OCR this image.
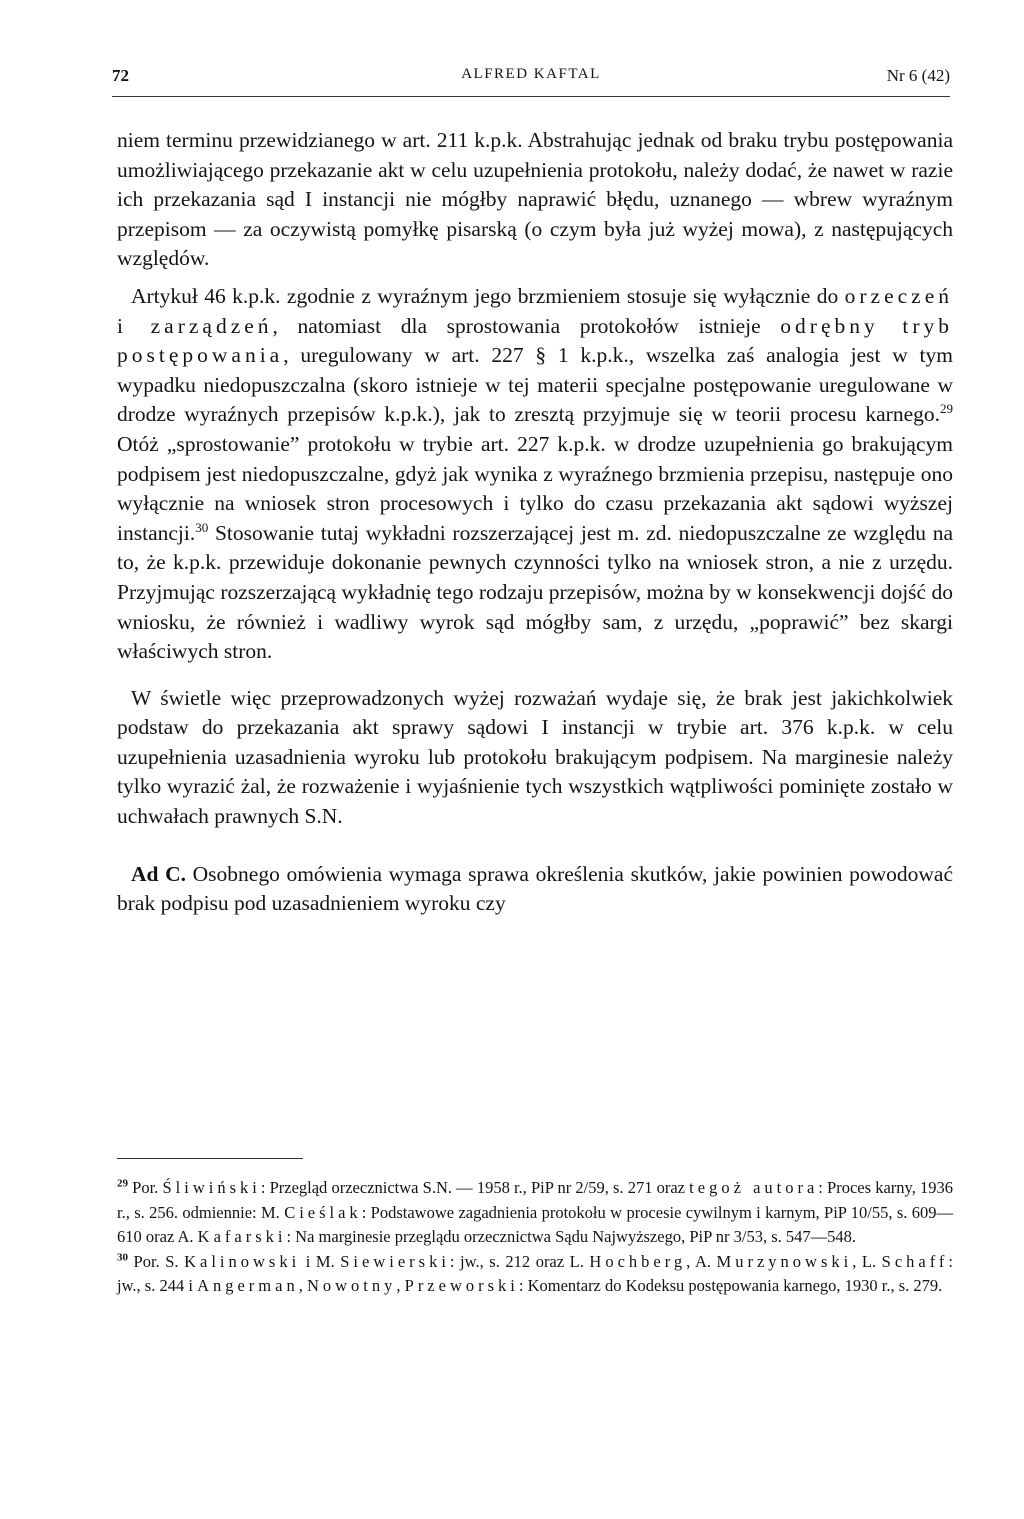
ALFRED KAFTAL
72	Nr 6 (42)

niem terminu przewidzianego w art. 211 k.p.k. Abstrahując jednak od braku trybu postępowania umożliwiającego przekazanie akt w celu uzupełnienia protokołu, należy dodać, że nawet w razie ich przekazania sąd I instancji nie mógłby naprawić błędu, uznanego — wbrew wyraźnym przepisom — za oczywistą pomyłkę pisarską (o czym była już wyżej mowa), z następujących względów.

Artykuł 46 k.p.k. zgodnie z wyraźnym jego brzmieniem stosuje się wyłącznie do orzeczeń i zarządzeń, natomiast dla sprostowania protokołów istnieje odrębny tryb postępowania, uregulowany w art. 227 § 1 k.p.k., wszelka zaś analogia jest w tym wypadku niedopuszczalna (skoro istnieje w tej materii specjalne postępowanie uregulowane w drodze wyraźnych przepisów k.p.k.), jak to zresztą przyjmuje się w teorii procesu karnego.$^{29}$ Otóż „sprostowanie” protokołu w trybie art. 227 k.p.k. w drodze uzupełnienia go brakującym podpisem jest niedopuszczalne, gdyż jak wynika z wyraźnego brzmienia przepisu, następuje ono wyłącznie na wniosek stron procesowych i tylko do czasu przekazania akt sądowi wyższej instancji.$^{30}$ Stosowanie tutaj wykładni rozszerzającej jest m. zd. niedopuszczalne ze względu na to, że k.p.k. przewiduje dokonanie pewnych czynności tylko na wniosek stron, a nie z urzędu. Przyjmując rozszerzającą wykładnię tego rodzaju przepisów, można by w konsekwencji dojść do wniosku, że również i wadliwy wyrok sąd mógłby sam, z urzędu, „poprawić” bez skargi właściwych stron.

W świetle więc przeprowadzonych wyżej rozważań wydaje się, że brak jest jakichkolwiek podstaw do przekazania akt sprawy sądowi I instancji w trybie art. 376 k.p.k. w celu uzupełnienia uzasadnienia wyroku lub protokołu brakującym podpisem. Na marginesie należy tylko wyrazić żal, że rozważenie i wyjaśnienie tych wszystkich wątpliwości pominięte zostało w uchwałach prawnych S.N.

Ad C. Osobnego omówienia wymaga sprawa określenia skutków, jakie powinien powodować brak podpisu pod uzasadnieniem wyroku czy

$^{29}$ Por. Śliwiński: Przegląd orzecznictwa S.N. — 1958 r., PiP nr 2/59, s. 271 oraz tegoż autora: Proces karny, 1936 r., s. 256. odmiennie: M. Cieślak: Podstawowe zagadnienia protokołu w procesie cywilnym i karnym, PiP 10/55, s. 609—610 oraz A. Kafarski: Na marginesie przeglądu orzecznictwa Sądu Najwyższego, PiP nr 3/53, s. 547—548.

$^{30}$ Por. S. Kalinowski i M. Siewierski: jw., s. 212 oraz L. Hochberg, A. Murzynowski, L. Schaff: jw., s. 244 i Angerman, Nowotny, Przeworski: Komentarz do Kodeksu postępowania karnego, 1930 r., s. 279.
